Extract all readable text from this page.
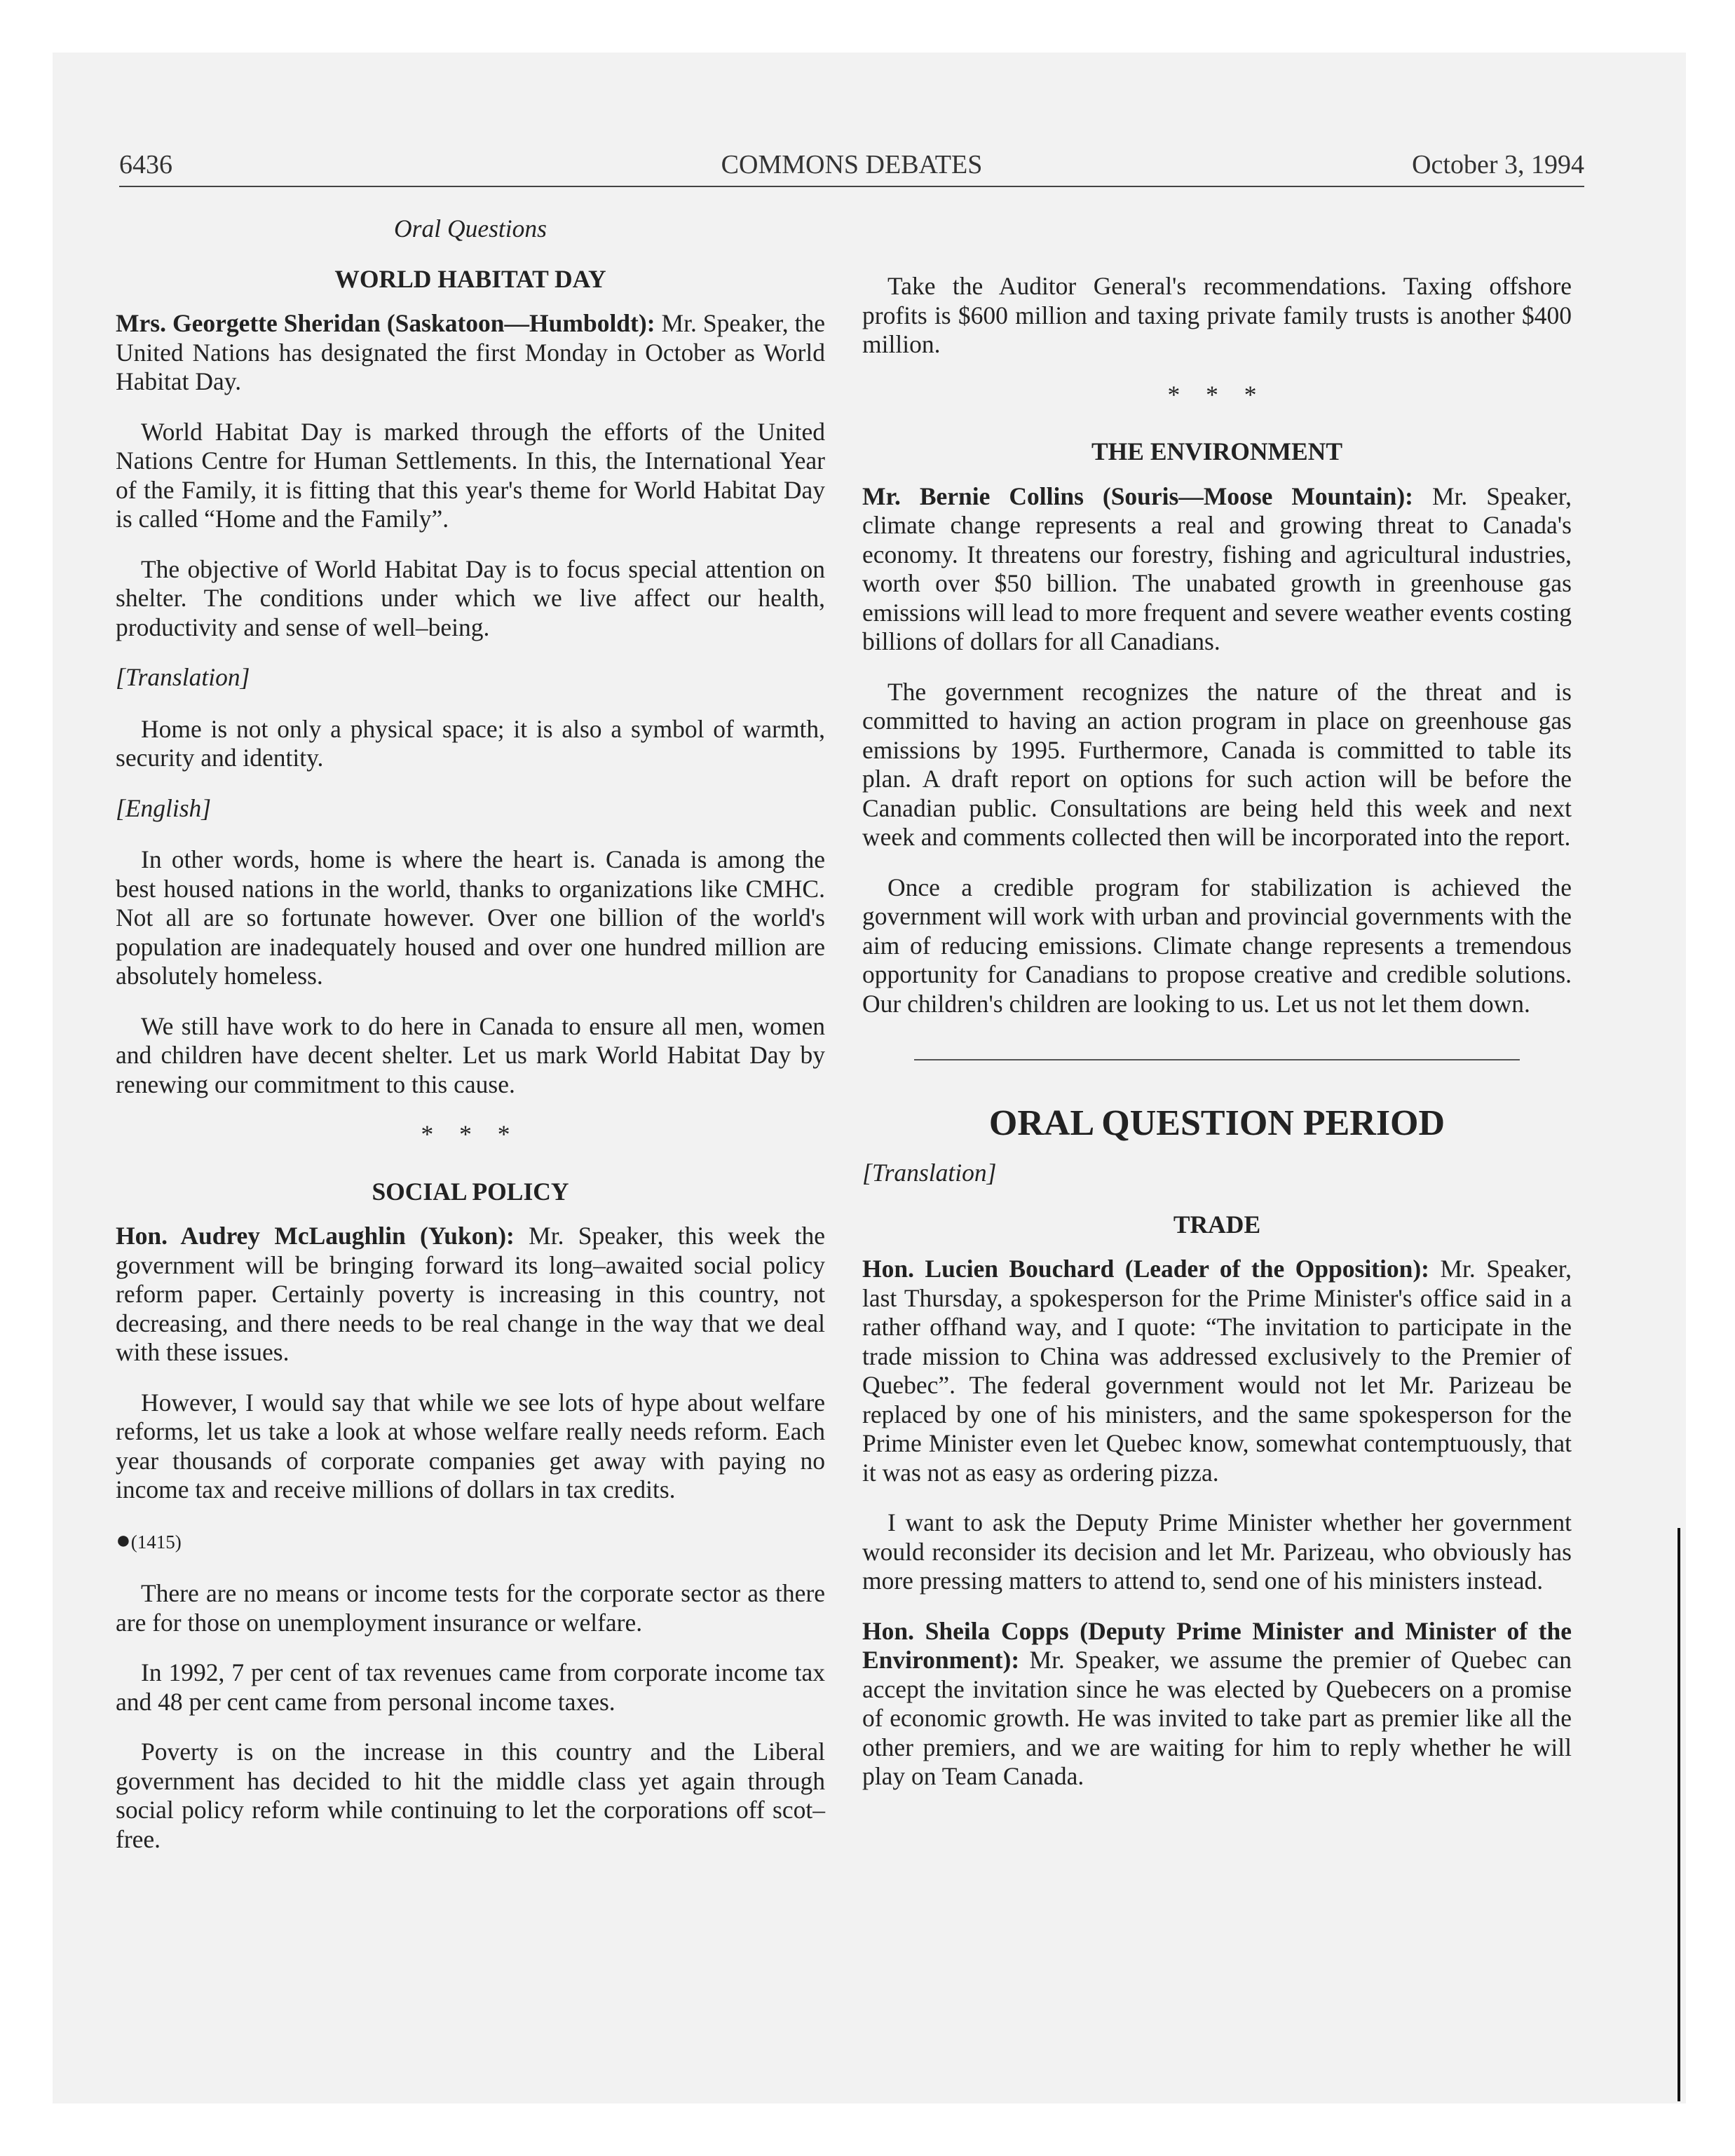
6436	COMMONS DEBATES	October 3, 1994
Oral Questions
WORLD HABITAT DAY
Mrs. Georgette Sheridan (Saskatoon—Humboldt): Mr. Speaker, the United Nations has designated the first Monday in October as World Habitat Day.
World Habitat Day is marked through the efforts of the United Nations Centre for Human Settlements. In this, the International Year of the Family, it is fitting that this year's theme for World Habitat Day is called “Home and the Family”.
The objective of World Habitat Day is to focus special attention on shelter. The conditions under which we live affect our health, productivity and sense of well–being.
[Translation]
Home is not only a physical space; it is also a symbol of warmth, security and identity.
[English]
In other words, home is where the heart is. Canada is among the best housed nations in the world, thanks to organizations like CMHC. Not all are so fortunate however. Over one billion of the world's population are inadequately housed and over one hundred million are absolutely homeless.
We still have work to do here in Canada to ensure all men, women and children have decent shelter. Let us mark World Habitat Day by renewing our commitment to this cause.
* * *
SOCIAL POLICY
Hon. Audrey McLaughlin (Yukon): Mr. Speaker, this week the government will be bringing forward its long–awaited social policy reform paper. Certainly poverty is increasing in this country, not decreasing, and there needs to be real change in the way that we deal with these issues.
However, I would say that while we see lots of hype about welfare reforms, let us take a look at whose welfare really needs reform. Each year thousands of corporate companies get away with paying no income tax and receive millions of dollars in tax credits.
●(1415)
There are no means or income tests for the corporate sector as there are for those on unemployment insurance or welfare.
In 1992, 7 per cent of tax revenues came from corporate income tax and 48 per cent came from personal income taxes.
Poverty is on the increase in this country and the Liberal government has decided to hit the middle class yet again through social policy reform while continuing to let the corporations off scot–free.
Take the Auditor General's recommendations. Taxing offshore profits is $600 million and taxing private family trusts is another $400 million.
* * *
THE ENVIRONMENT
Mr. Bernie Collins (Souris—Moose Mountain): Mr. Speaker, climate change represents a real and growing threat to Canada's economy. It threatens our forestry, fishing and agricultural industries, worth over $50 billion. The unabated growth in greenhouse gas emissions will lead to more frequent and severe weather events costing billions of dollars for all Canadians.
The government recognizes the nature of the threat and is committed to having an action program in place on greenhouse gas emissions by 1995. Furthermore, Canada is committed to table its plan. A draft report on options for such action will be before the Canadian public. Consultations are being held this week and next week and comments collected then will be incorporated into the report.
Once a credible program for stabilization is achieved the government will work with urban and provincial governments with the aim of reducing emissions. Climate change represents a tremendous opportunity for Canadians to propose creative and credible solutions. Our children's children are looking to us. Let us not let them down.
ORAL QUESTION PERIOD
[Translation]
TRADE
Hon. Lucien Bouchard (Leader of the Opposition): Mr. Speaker, last Thursday, a spokesperson for the Prime Minister's office said in a rather offhand way, and I quote: “The invitation to participate in the trade mission to China was addressed exclusively to the Premier of Quebec”. The federal government would not let Mr. Parizeau be replaced by one of his ministers, and the same spokesperson for the Prime Minister even let Quebec know, somewhat contemptuously, that it was not as easy as ordering pizza.
I want to ask the Deputy Prime Minister whether her government would reconsider its decision and let Mr. Parizeau, who obviously has more pressing matters to attend to, send one of his ministers instead.
Hon. Sheila Copps (Deputy Prime Minister and Minister of the Environment): Mr. Speaker, we assume the premier of Quebec can accept the invitation since he was elected by Quebecers on a promise of economic growth. He was invited to take part as premier like all the other premiers, and we are waiting for him to reply whether he will play on Team Canada.
